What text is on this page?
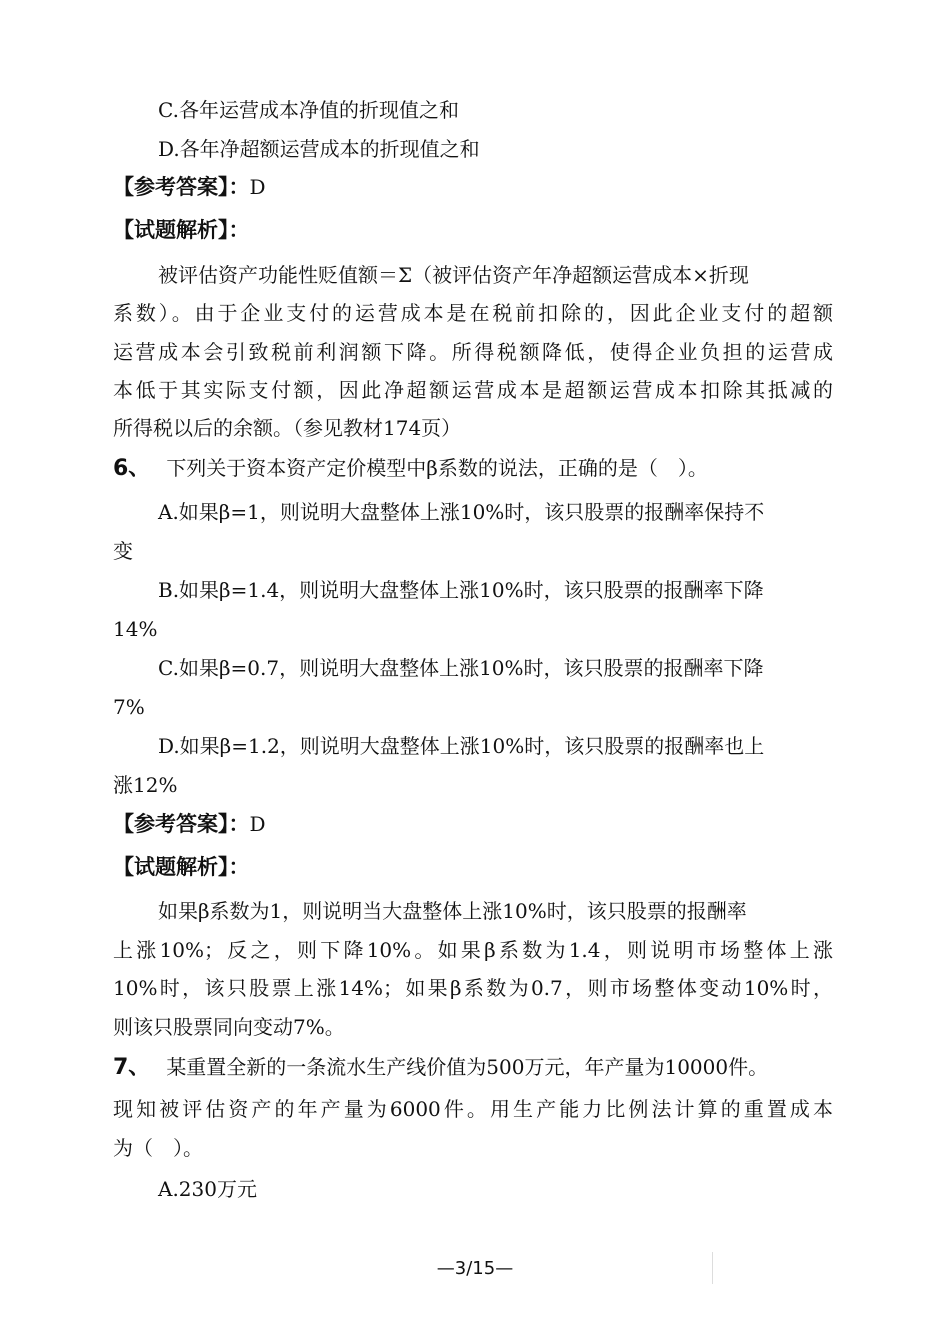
C.各年运营成本净值的折现值之和
D.各年净超额运营成本的折现值之和
【参考答案】：D
【试题解析】：
被评估资产功能性贬值额＝Σ（被评估资产年净超额运营成本×折现
系数）。由于企业支付的运营成本是在税前扣除的，因此企业支付的超额
运营成本会引致税前利润额下降。所得税额降低，使得企业负担的运营成
本低于其实际支付额，因此净超额运营成本是超额运营成本扣除其抵减的
所得税以后的余额。（参见教材174页）
6、 下列关于资本资产定价模型中β系数的说法，正确的是（　）。
A.如果β=1，则说明大盘整体上涨10%时，该只股票的报酬率保持不
变
B.如果β=1.4，则说明大盘整体上涨10%时，该只股票的报酬率下降
14%
C.如果β=0.7，则说明大盘整体上涨10%时，该只股票的报酬率下降
7%
D.如果β=1.2，则说明大盘整体上涨10%时，该只股票的报酬率也上
涨12%
【参考答案】：D
【试题解析】：
如果β系数为1，则说明当大盘整体上涨10%时，该只股票的报酬率
上涨10%；反之，则下降10%。如果β系数为1.4，则说明市场整体上涨
10%时，该只股票上涨14%；如果β系数为0.7，则市场整体变动10%时，
则该只股票同向变动7%。
7、 某重置全新的一条流水生产线价值为500万元，年产量为10000件。
现知被评估资产的年产量为6000件。用生产能力比例法计算的重置成本
为（　）。
A.230万元
—3/15—
